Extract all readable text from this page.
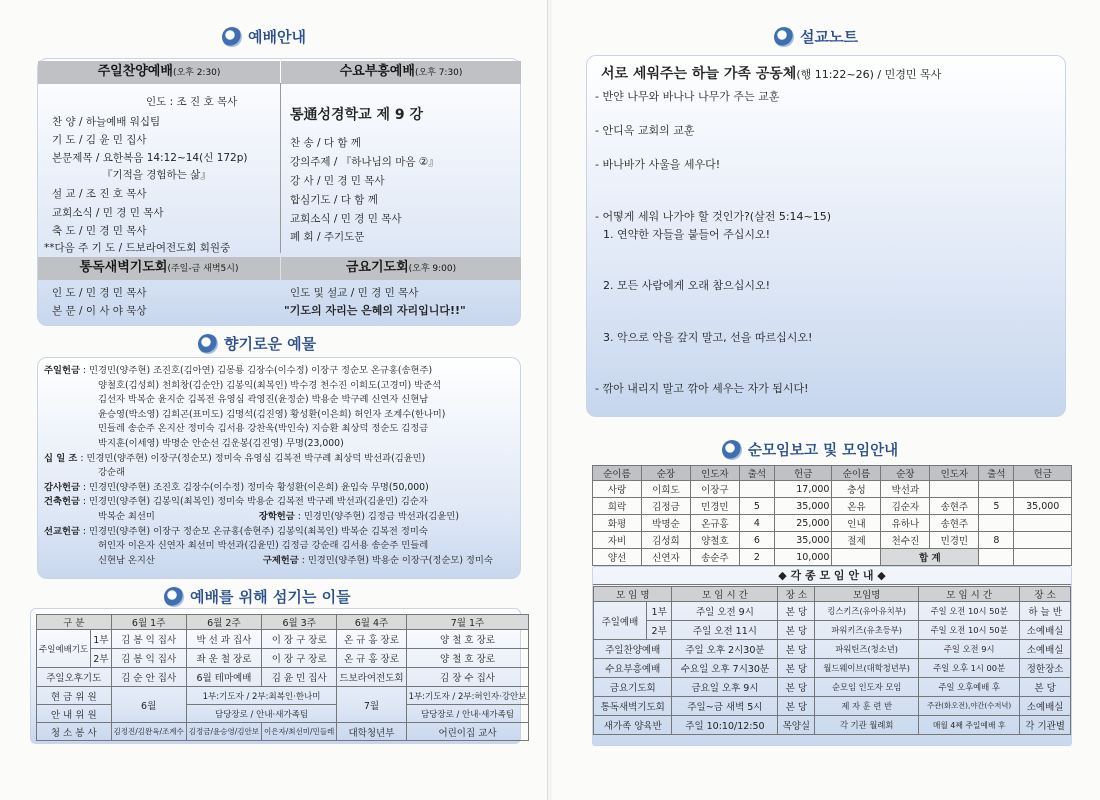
예배안내
주일찬양예배(오후 2:30)	수요부흥예배(오후 7:30)
인도 : 조 진 호 목사
찬 양 / 하늘예배 워십팀
기 도 / 김 윤 민 집사
본문제목 / 요한복음 14:12~14(신 172p)
『기적을 경험하는 삶』
설 교 / 조 진 호 목사
교회소식 / 민 경 민 목사
축 도 / 민 경 민 목사
**다음 주 기 도 / 드보라여전도회 회원중
통通성경학교 제 9 강
찬 송 / 다 함 께
강의주제 / 『하나님의 마음 ②』
강 사 / 민 경 민 목사
합심기도 / 다 함 께
교회소식 / 민 경 민 목사
폐 회 / 주기도문
통독새벽기도회(주일-금 새벽5시)	금요기도회(오후 9:00)
인 도 / 민 경 민 목사
본 문 / 이 사 야 묵상
인도 및 설교 / 민 경 민 목사
"기도의 자리는 은혜의 자리입니다!!"
향기로운 예물
주일헌금 : 민경민(양주현) 조진호(김아연) 김몽룡 김장수(이수정) 이장구 정순모 온규홍(송현주)
양철호(김성희) 천희창(김순안) 김봉익(최복인) 박수경 천수진 이희도(고경미) 박준석
김선자 박복순 윤지순 김복전 유영심 곽영진(윤정순) 박용순 박구례 신연자 신현남
윤승영(박소영) 김희곤(표미도) 김명석(김진영) 황성환(이은희) 허인자 조계수(한나미)
민들레 송순주 온지산 정미숙 김서용 강찬욱(박인숙) 지승환 최상덕 정순도 김정금
박지훈(이세영) 박명순 안순선 김운봉(김진영) 무명(23,000)
십 일 조 : 민경민(양주현) 이장구(정순모) 정미숙 유영심 김복전 박구례 최상덕 박선과(김윤민)
강순래
감사헌금 : 민경민(양주현) 조진호 김장수(이수정) 정미숙 황성환(이은희) 윤임숙 무명(50,000)
건축헌금 : 민경민(양주현) 김봉익(최복인) 정미숙 박용순 김복전 박구례 박선과(김윤민) 김순자
박복순 최선미	장학헌금 : 민경민(양주현) 김정금 박선과(김윤민)
선교헌금 : 민경민(양주현) 이장구 정순모 온규홍(송현주) 김봉익(최복인) 박복순 김복전 정미숙
허인자 이은자 신연자 최선미 박선과(김윤민) 김정금 강순래 김서용 송순주 민들레
신현남 온지산	구제헌금 : 민경민(양주현) 박용순 이장구(정순모) 정미숙
예배를 위해 섬기는 이들
구 분		6월 1주	6월 2주	6월 3주	6월 4주	7월 1주
주일예배기도	1부	김 봉 익 집사	박 선 과 집사	이 장 구 장로	온 규 홍 장로	양 철 호 장로
	2부	김 봉 익 집사	좌 운 철 장로	이 장 구 장로	온 규 홍 장로	양 철 호 장로
주일오후기도		김 순 안 집사	6월 테마예배	김 윤 민 집사	드보라여전도회	김 장 수 집사
현 금 위 원		6월	1부:기도자 / 2부:최복인·한나미		7월	1부:기도자 / 2부:허인자·강안보
안 내 위 원			담당장로 / 안내·새가족팀			담당장로 / 안내·새가족팀
청 소 봉 사		김정진/김완육/조계수	김정금/윤승영/김안보	이은자/최선미/민들레	대학청년부	어린이집 교사
설교노트
서로 세워주는 하늘 가족 공동체(행 11:22~26) / 민경민 목사
- 반얀 나무와 바나나 나무가 주는 교훈
- 안디옥 교회의 교훈
- 바나바가 사울을 세우다!
- 어떻게 세워 나가야 할 것인가?(살전 5:14~15)
1. 연약한 자들을 붙들어 주십시오!
2. 모든 사람에게 오래 참으십시오!
3. 악으로 악을 갚지 말고, 선을 따르십시오!
- 깎아 내리지 말고 깎아 세우는 자가 됩시다!
순모임보고 및 모임안내
순이름	순장	인도자	출석	헌금	순이름	순장	인도자	출석	헌금
사랑	이희도	이장구		17,000	충성	박선과			
희락	김정금	민경민	5	35,000	온유	김순자	송현주	5	35,000
화평	박명순	온규홍	4	25,000	인내	유하나	송현주		
자비	김성희	양철호	6	35,000	절제	천수진	민경민	8	
양선	신연자	송순주	2	10,000		합 계			
◆ 각 종 모 임 안 내 ◆
모 임 명		모 임 시 간	장 소	모임명	모 임 시 간	장 소
주일예배	1부	주일 오전 9시	본 당	킹스키즈(유아유치부)	주일 오전 10시 50분	하 늘 반
	2부	주일 오전 11시	본 당	파워키즈(유초등부)	주일 오전 10시 50분	소예배실
주일찬양예배		주일 오후 2시30분	본 당	파워틴즈(청소년)	주일 오전 9시	소예배실
수요부흥예배		수요일 오후 7시30분	본 당	월드웨이브(대학청년부)	주일 오후 1시 00분	정한장소
금요기도회		금요일 오후 9시	본 당	순모임 인도자 모임	주일 오후예배 후	본 당
통독새벽기도회		주일~금 새벽 5시	본 당	제 자 훈 련 반	주관(화오전),야간(수저녁)	소예배실
새가족 양육반		주일 10:10/12:50	목양실	각 기관 월례회	매월 4째 주일예배 후	각 기관별
